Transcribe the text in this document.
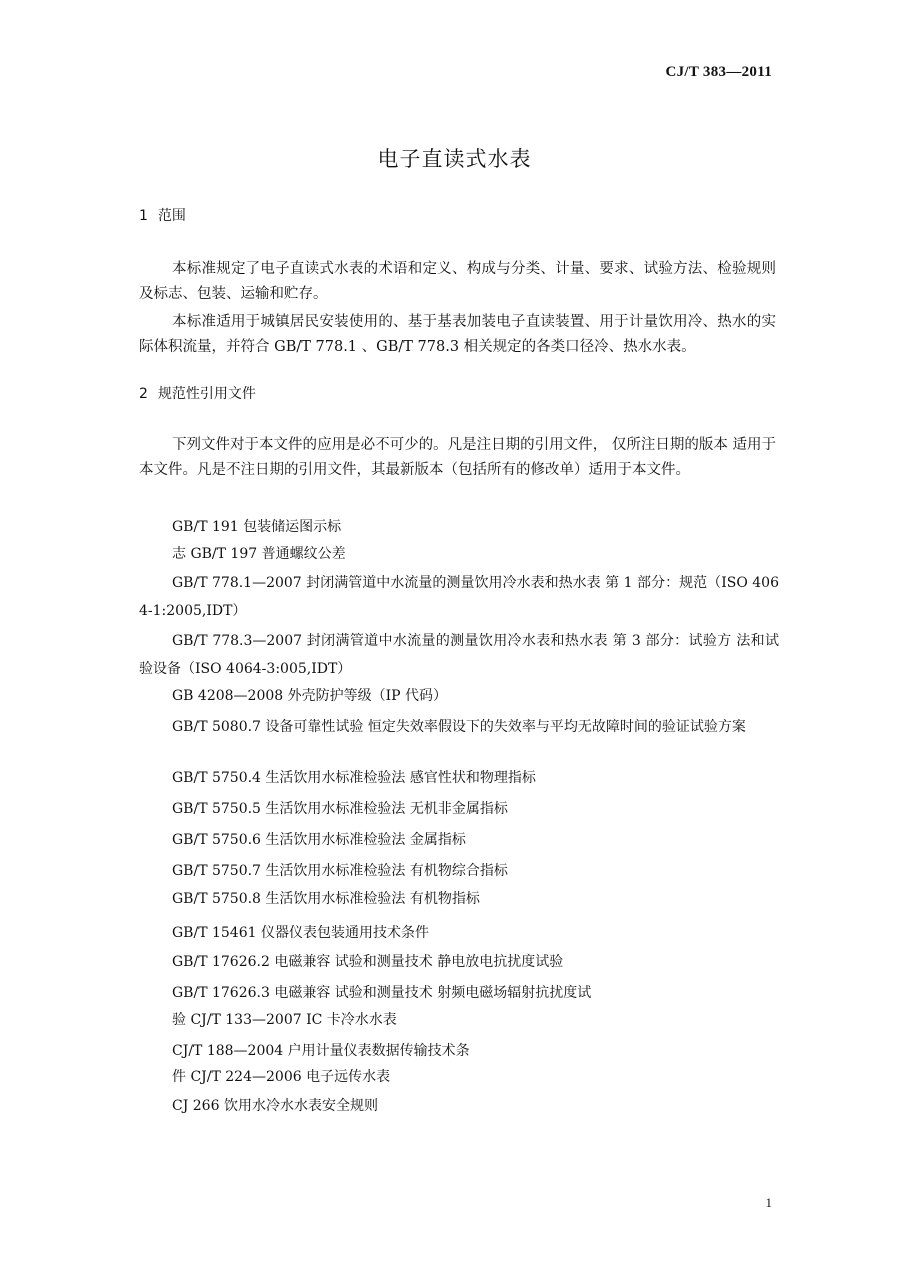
CJ/T 383—2011
电子直读式水表
1 范围
本标准规定了电子直读式水表的术语和定义、构成与分类、计量、要求、试验方法、检验规则及标志、包装、运输和贮存。
本标准适用于城镇居民安装使用的、基于基表加装电子直读装置、用于计量饮用冷、热水的实际体积流量，并符合 GB/T 778.1 、GB/T 778.3 相关规定的各类口径冷、热水水表。
2 规范性引用文件
下列文件对于本文件的应用是必不可少的。凡是注日期的引用文件， 仅所注日期的版本 适用于本文件。凡是不注日期的引用文件，其最新版本（包括所有的修改单）适用于本文件。
GB/T 191 包装储运图示标
志 GB/T 197 普通螺纹公差
GB/T 778.1—2007 封闭满管道中水流量的测量饮用冷水表和热水表 第 1 部分：规范（ISO 4064-1:2005,IDT）
GB/T 778.3—2007 封闭满管道中水流量的测量饮用冷水表和热水表 第 3 部分：试验方 法和试验设备（ISO 4064-3:005,IDT）
GB 4208—2008 外壳防护等级（IP 代码）
GB/T 5080.7 设备可靠性试验 恒定失效率假设下的失效率与平均无故障时间的验证试验方案
GB/T 5750.4 生活饮用水标准检验法 感官性状和物理指标
GB/T 5750.5 生活饮用水标准检验法 无机非金属指标
GB/T 5750.6 生活饮用水标准检验法 金属指标
GB/T 5750.7 生活饮用水标准检验法 有机物综合指标
GB/T 5750.8 生活饮用水标准检验法 有机物指标
GB/T 15461 仪器仪表包装通用技术条件
GB/T 17626.2 电磁兼容 试验和测量技术 静电放电抗扰度试验
GB/T 17626.3 电磁兼容 试验和测量技术 射频电磁场辐射抗扰度试
验 CJ/T 133—2007 IC 卡冷水水表
CJ/T 188—2004 户用计量仪表数据传输技术条
件 CJ/T 224—2006 电子远传水表
CJ 266 饮用水冷水水表安全规则
1
